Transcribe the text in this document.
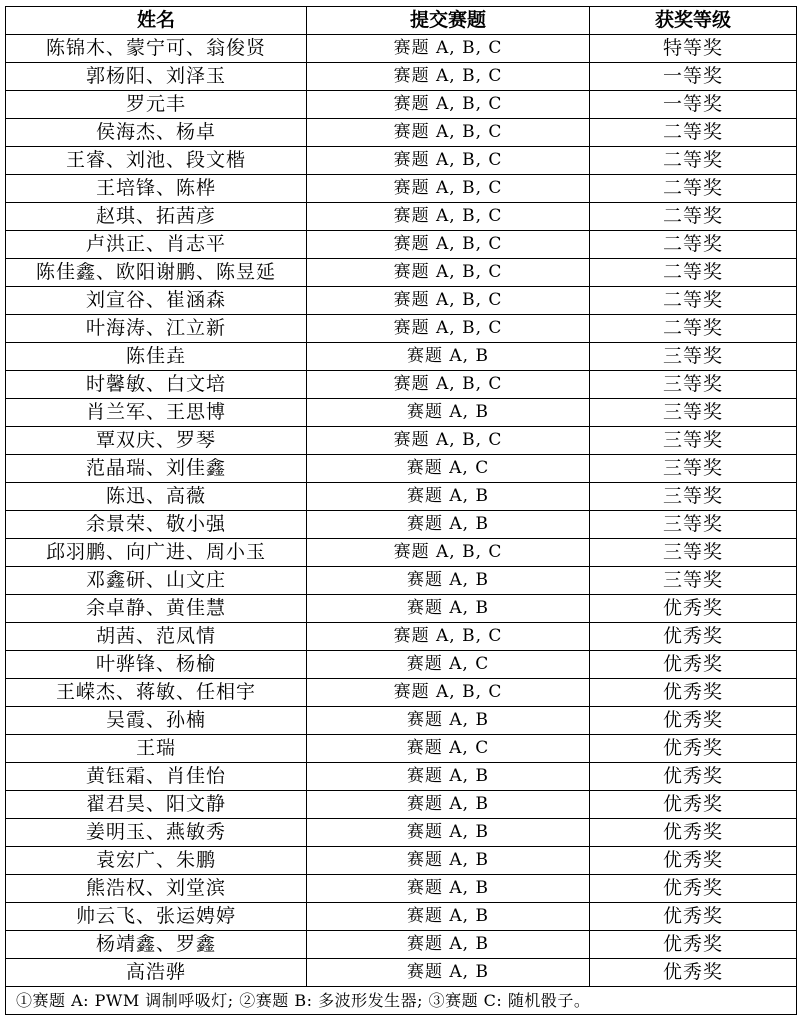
姓名	提交赛题	获奖等级
陈锦木、蒙宁可、翁俊贤	赛题 A, B, C	特等奖
郭杨阳、刘泽玉	赛题 A, B, C	一等奖
罗元丰	赛题 A, B, C	一等奖
侯海杰、杨卓	赛题 A, B, C	二等奖
王睿、刘池、段文楷	赛题 A, B, C	二等奖
王培锋、陈桦	赛题 A, B, C	二等奖
赵琪、拓茜彦	赛题 A, B, C	二等奖
卢洪正、肖志平	赛题 A, B, C	二等奖
陈佳鑫、欧阳谢鹏、陈昱延	赛题 A, B, C	二等奖
刘宣谷、崔涵森	赛题 A, B, C	二等奖
叶海涛、江立新	赛题 A, B, C	二等奖
陈佳垚	赛题 A, B	三等奖
时馨敏、白文培	赛题 A, B, C	三等奖
肖兰军、王思博	赛题 A, B	三等奖
覃双庆、罗琴	赛题 A, B, C	三等奖
范晶瑞、刘佳鑫	赛题 A, C	三等奖
陈迅、高薇	赛题 A, B	三等奖
余景荣、敬小强	赛题 A, B	三等奖
邱羽鹏、向广进、周小玉	赛题 A, B, C	三等奖
邓鑫研、山文庄	赛题 A, B	三等奖
余卓静、黄佳慧	赛题 A, B	优秀奖
胡茜、范凤情	赛题 A, B, C	优秀奖
叶骅锋、杨榆	赛题 A, C	优秀奖
王嵘杰、蒋敏、任相宇	赛题 A, B, C	优秀奖
吴霞、孙楠	赛题 A, B	优秀奖
王瑞	赛题 A, C	优秀奖
黄钰霜、肖佳怡	赛题 A, B	优秀奖
翟君昊、阳文静	赛题 A, B	优秀奖
姜明玉、燕敏秀	赛题 A, B	优秀奖
袁宏广、朱鹏	赛题 A, B	优秀奖
熊浩权、刘堂滨	赛题 A, B	优秀奖
帅云飞、张运娉婷	赛题 A, B	优秀奖
杨靖鑫、罗鑫	赛题 A, B	优秀奖
高浩骅	赛题 A, B	优秀奖
①赛题 A: PWM 调制呼吸灯; ②赛题 B: 多波形发生器; ③赛题 C: 随机骰子。		
